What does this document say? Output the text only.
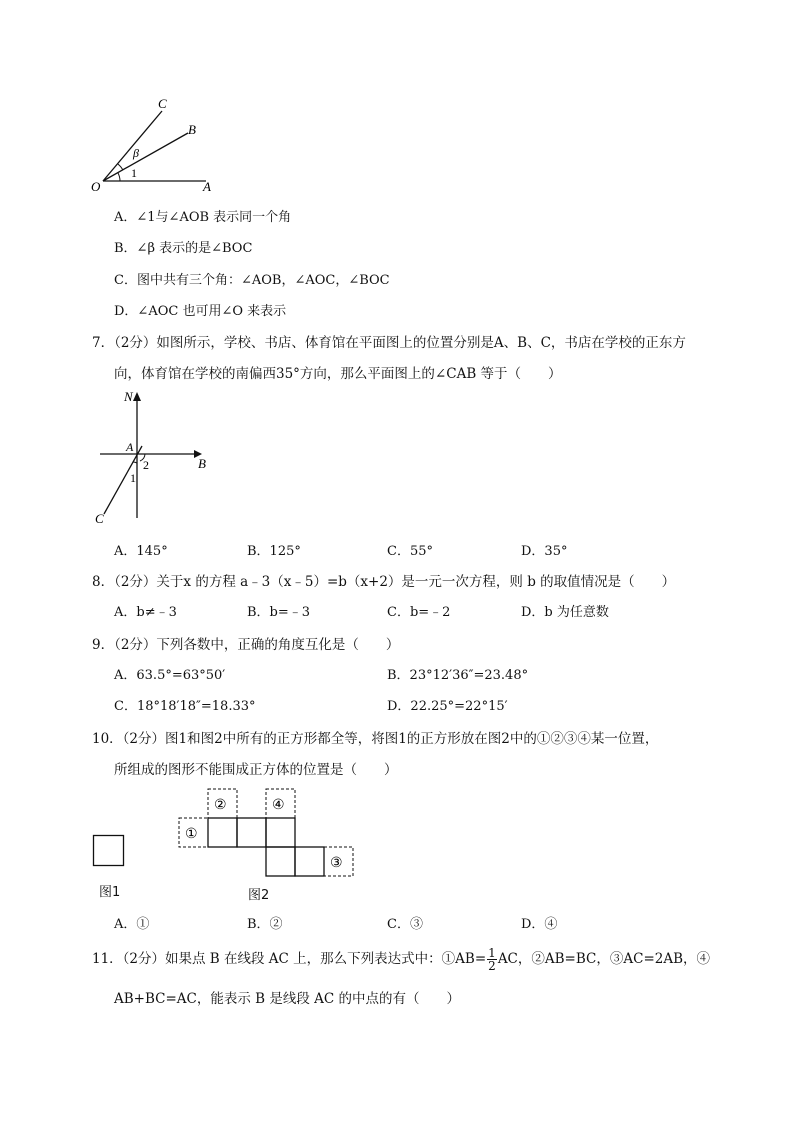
C
B
A
O
β
1
A．∠1与∠AOB 表示同一个角
B．∠β 表示的是∠BOC
C．图中共有三个角：∠AOB，∠AOC，∠BOC
D．∠AOC 也可用∠O 来表示
7．（2分）如图所示，学校、书店、体育馆在平面图上的位置分别是A、B、C，书店在学校的正东方
向，体育馆在学校的南偏西35°方向，那么平面图上的∠CAB 等于（　　）
N
A
B
C
2
1
A．145°	B．125°	C．55°	D．35°
8．（2分）关于x 的方程 a﹣3（x﹣5）=b（x+2）是一元一次方程，则 b 的取值情况是（　　）
A．b≠﹣3	B．b=﹣3	C．b=﹣2	D．b 为任意数
9．（2分）下列各数中，正确的角度互化是（　　）
A．63.5°=63°50′	B．23°12′36″=23.48°
C．18°18′18″=18.33°	D．22.25°=22°15′
10．（2分）图1和图2中所有的正方形都全等，将图1的正方形放在图2中的①②③④某一位置，
所组成的图形不能围成正方体的位置是（　　）
图1
①
②	④
③
图2
A．①	B．②	C．③	D．④
11．（2分）如果点 B 在线段 AC 上，那么下列表达式中：①AB= $\frac{1}{2}$ AC，②AB=BC，③AC=2AB，④
AB+BC=AC，能表示 B 是线段 AC 的中点的有（　　）
